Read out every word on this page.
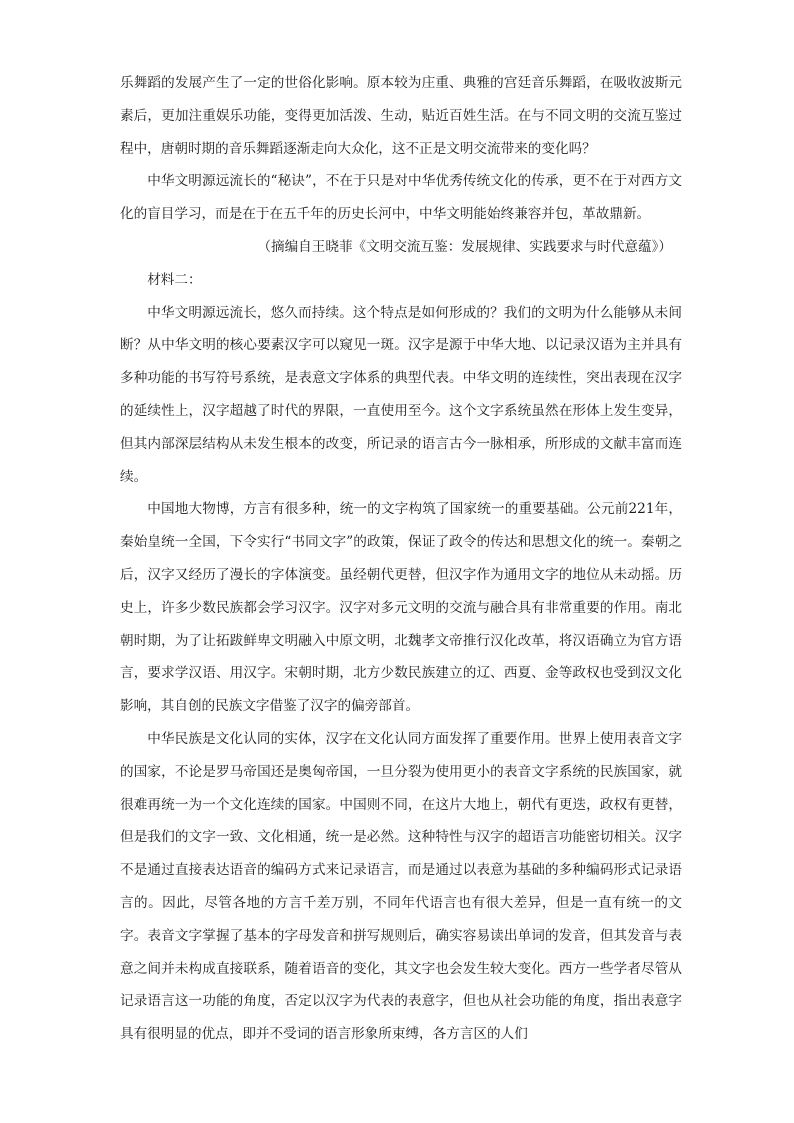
乐舞蹈的发展产生了一定的世俗化影响。原本较为庄重、典雅的宫廷音乐舞蹈，在吸收波斯元素后，更加注重娱乐功能，变得更加活泼、生动，贴近百姓生活。在与不同文明的交流互鉴过程中，唐朝时期的音乐舞蹈逐渐走向大众化，这不正是文明交流带来的变化吗？

中华文明源远流长的“秘诀”，不在于只是对中华优秀传统文化的传承，更不在于对西方文化的盲目学习，而是在于在五千年的历史长河中，中华文明能始终兼容并包，革故鼎新。

（摘编自王晓菲《文明交流互鉴：发展规律、实践要求与时代意蕴》）

材料二：

中华文明源远流长，悠久而持续。这个特点是如何形成的？我们的文明为什么能够从未间断？从中华文明的核心要素汉字可以窥见一斑。汉字是源于中华大地、以记录汉语为主并具有多种功能的书写符号系统，是表意文字体系的典型代表。中华文明的连续性，突出表现在汉字的延续性上，汉字超越了时代的界限，一直使用至今。这个文字系统虽然在形体上发生变异，但其内部深层结构从未发生根本的改变，所记录的语言古今一脉相承，所形成的文献丰富而连续。

中国地大物博，方言有很多种，统一的文字构筑了国家统一的重要基础。公元前221年，秦始皇统一全国，下令实行“书同文字”的政策，保证了政令的传达和思想文化的统一。秦朝之后，汉字又经历了漫长的字体演变。虽经朝代更替，但汉字作为通用文字的地位从未动摇。历史上，许多少数民族都会学习汉字。汉字对多元文明的交流与融合具有非常重要的作用。南北朝时期，为了让拓跋鲜卑文明融入中原文明，北魏孝文帝推行汉化改革，将汉语确立为官方语言，要求学汉语、用汉字。宋朝时期，北方少数民族建立的辽、西夏、金等政权也受到汉文化影响，其自创的民族文字借鉴了汉字的偏旁部首。

中华民族是文化认同的实体，汉字在文化认同方面发挥了重要作用。世界上使用表音文字的国家，不论是罗马帝国还是奥匈帝国，一旦分裂为使用更小的表音文字系统的民族国家，就很难再统一为一个文化连续的国家。中国则不同，在这片大地上，朝代有更迭，政权有更替，但是我们的文字一致、文化相通，统一是必然。这种特性与汉字的超语言功能密切相关。汉字不是通过直接表达语音的编码方式来记录语言，而是通过以表意为基础的多种编码形式记录语言的。因此，尽管各地的方言千差万别，不同年代语言也有很大差异，但是一直有统一的文字。表音文字掌握了基本的字母发音和拼写规则后，确实容易读出单词的发音，但其发音与表意之间并未构成直接联系，随着语音的变化，其文字也会发生较大变化。西方一些学者尽管从记录语言这一功能的角度，否定以汉字为代表的表意字，但也从社会功能的角度，指出表意字具有很明显的优点，即并不受词的语言形象所束缚，各方言区的人们
